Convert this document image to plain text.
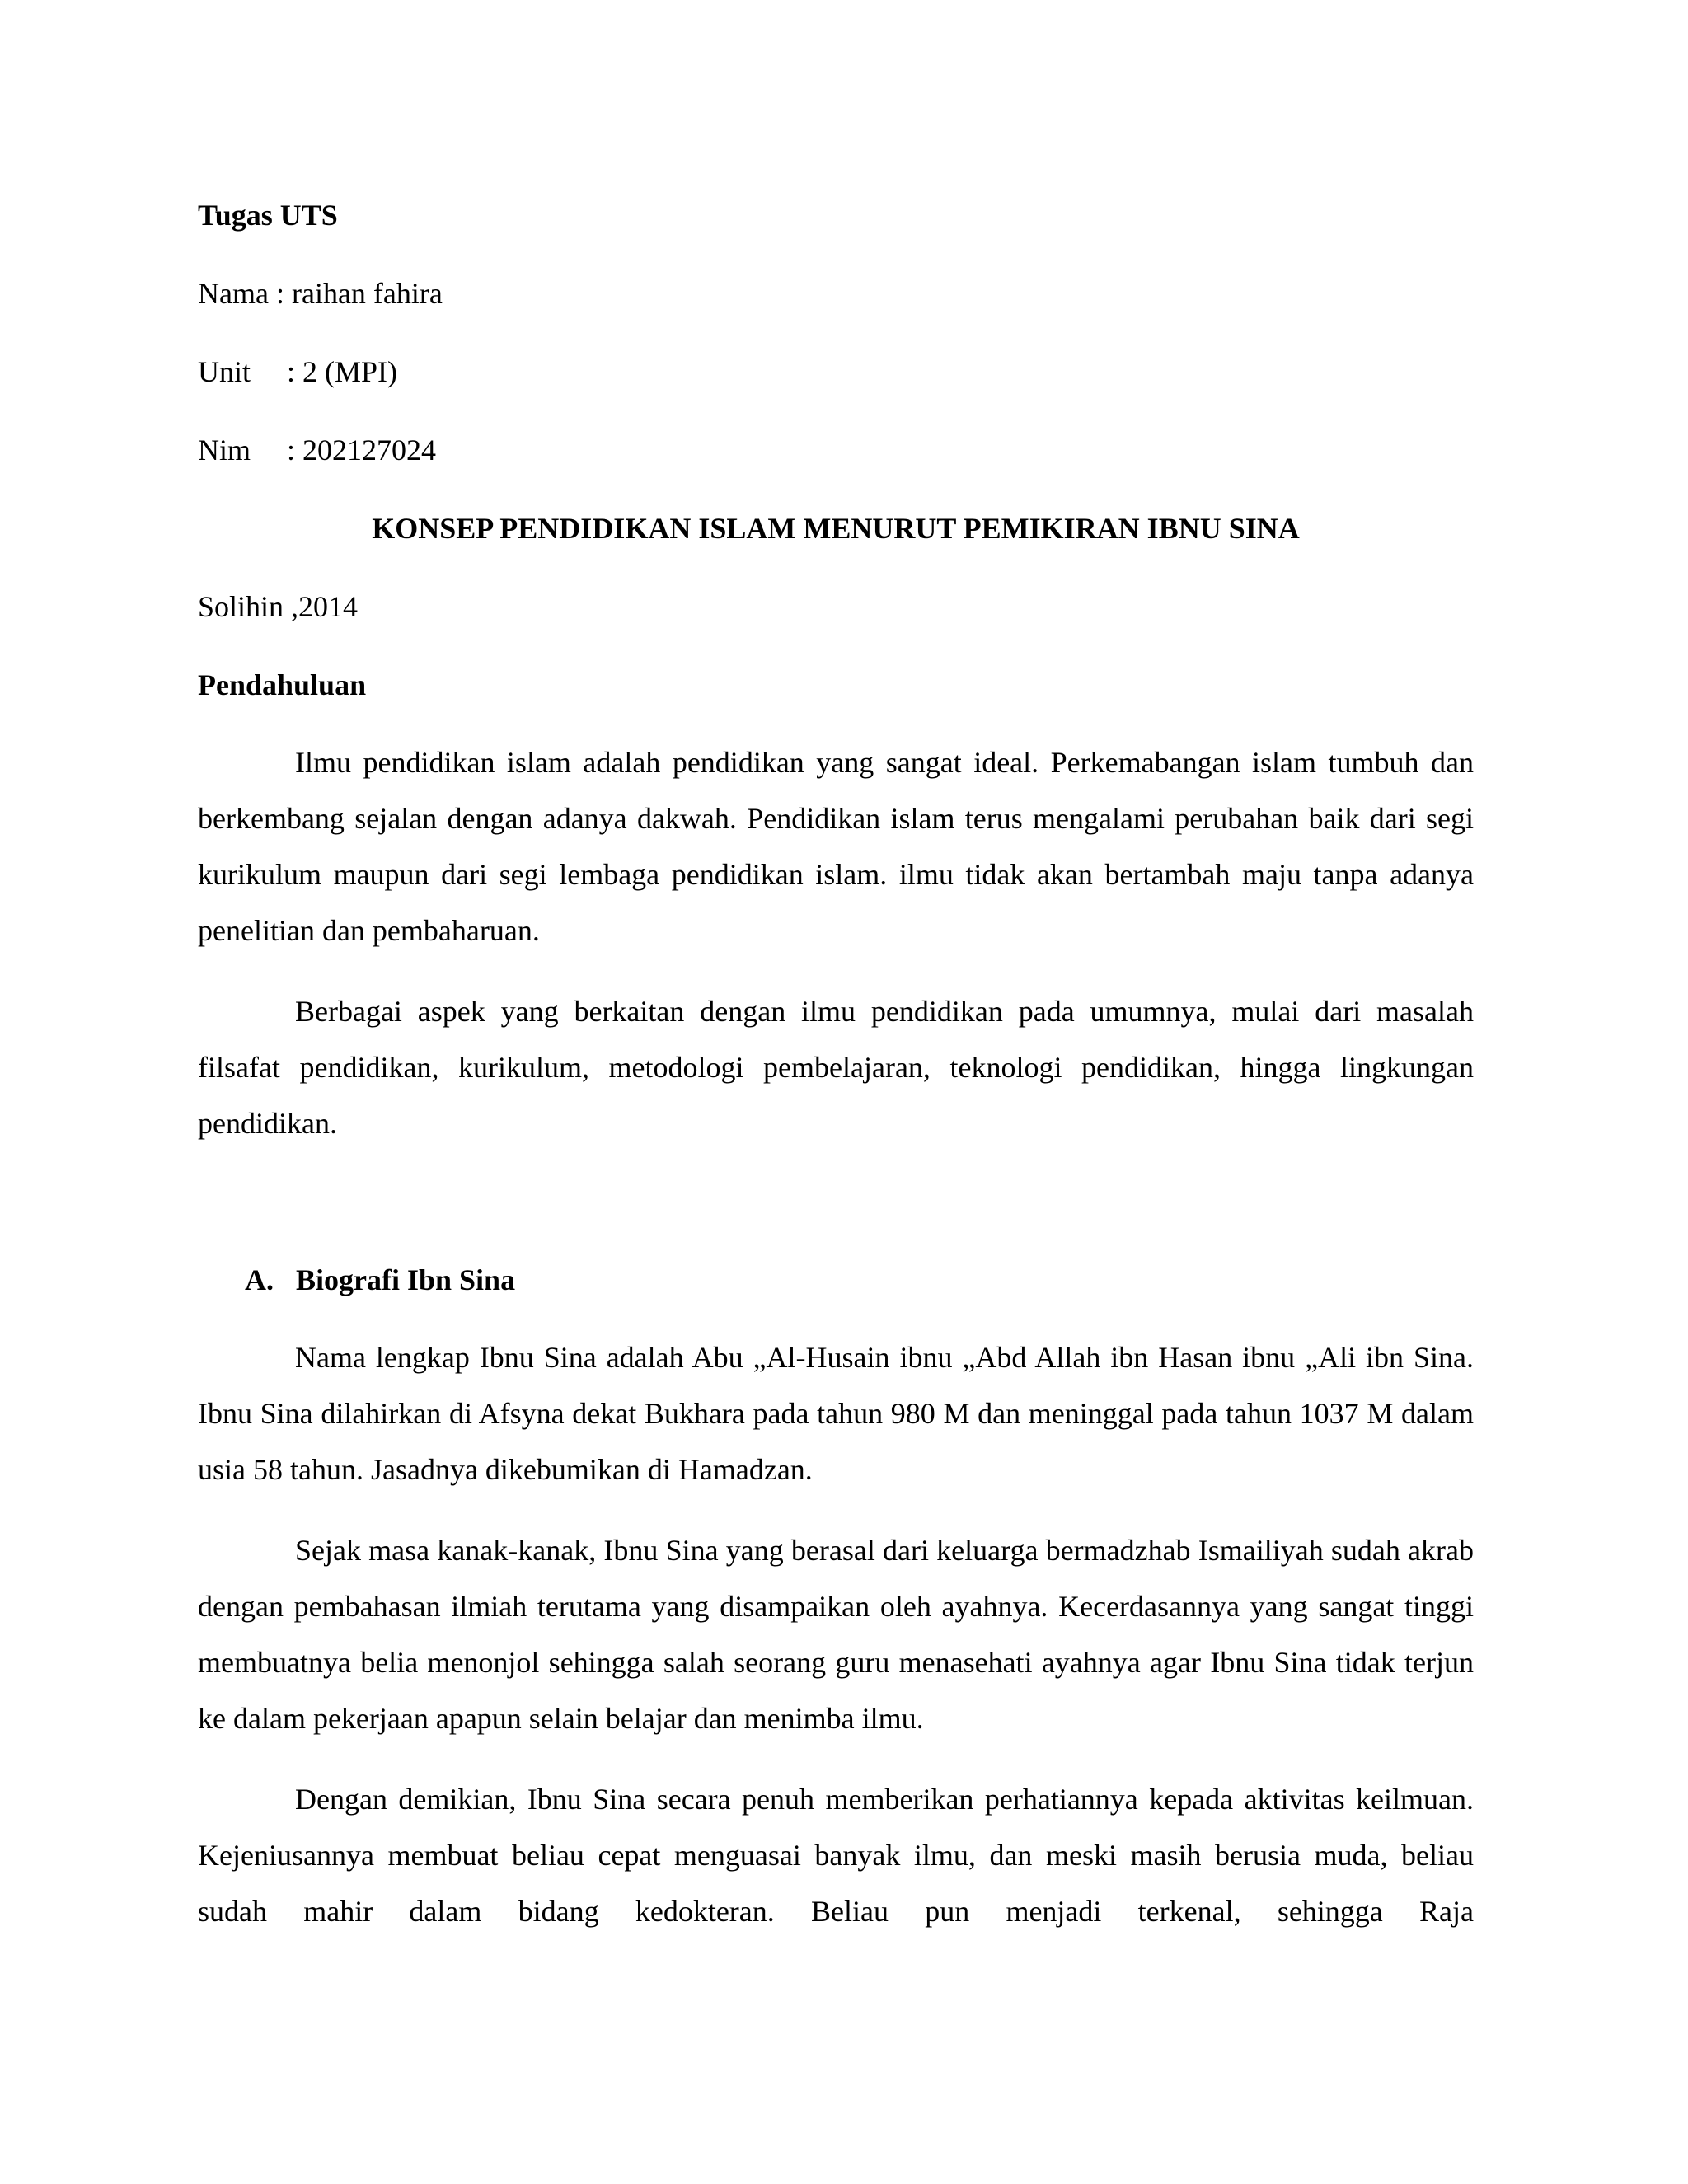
Tugas UTS
Nama : raihan fahira
Unit : 2 (MPI)
Nim : 202127024
KONSEP PENDIDIKAN ISLAM MENURUT PEMIKIRAN IBNU SINA
Solihin ,2014
Pendahuluan

Ilmu pendidikan islam adalah pendidikan yang sangat ideal. Perkemabangan islam tumbuh dan berkembang sejalan dengan adanya dakwah. Pendidikan islam terus mengalami perubahan baik dari segi kurikulum maupun dari segi lembaga pendidikan islam. ilmu tidak akan bertambah maju tanpa adanya penelitian dan pembaharuan.

Berbagai aspek yang berkaitan dengan ilmu pendidikan pada umumnya, mulai dari masalah filsafat pendidikan, kurikulum, metodologi pembelajaran, teknologi pendidikan, hingga lingkungan pendidikan.

A. Biografi Ibn Sina

Nama lengkap Ibnu Sina adalah Abu „Al-Husain ibnu „Abd Allah ibn Hasan ibnu „Ali ibn Sina. Ibnu Sina dilahirkan di Afsyna dekat Bukhara pada tahun 980 M dan meninggal pada tahun 1037 M dalam usia 58 tahun. Jasadnya dikebumikan di Hamadzan.

Sejak masa kanak-kanak, Ibnu Sina yang berasal dari keluarga bermadzhab Ismailiyah sudah akrab dengan pembahasan ilmiah terutama yang disampaikan oleh ayahnya. Kecerdasannya yang sangat tinggi membuatnya belia menonjol sehingga salah seorang guru menasehati ayahnya agar Ibnu Sina tidak terjun ke dalam pekerjaan apapun selain belajar dan menimba ilmu.

Dengan demikian, Ibnu Sina secara penuh memberikan perhatiannya kepada aktivitas keilmuan. Kejeniusannya membuat beliau cepat menguasai banyak ilmu, dan meski masih berusia muda, beliau sudah mahir dalam bidang kedokteran. Beliau pun menjadi terkenal, sehingga Raja
